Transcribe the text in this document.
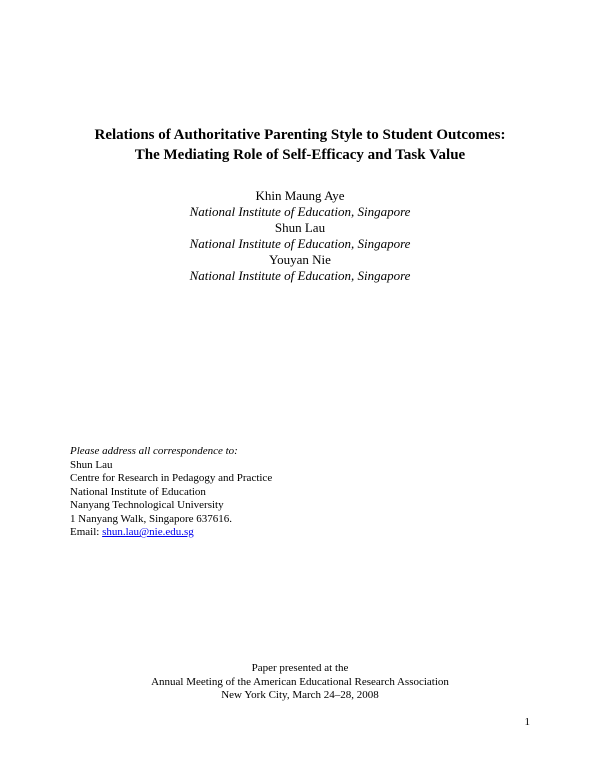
Relations of Authoritative Parenting Style to Student Outcomes:
The Mediating Role of Self-Efficacy and Task Value
Khin Maung Aye
National Institute of Education, Singapore
Shun Lau
National Institute of Education, Singapore
Youyan Nie
National Institute of Education, Singapore
Please address all correspondence to:
Shun Lau
Centre for Research in Pedagogy and Practice
National Institute of Education
Nanyang Technological University
1 Nanyang Walk, Singapore 637616.
Email: shun.lau@nie.edu.sg
Paper presented at the
Annual Meeting of the American Educational Research Association
New York City, March 24–28, 2008
1
